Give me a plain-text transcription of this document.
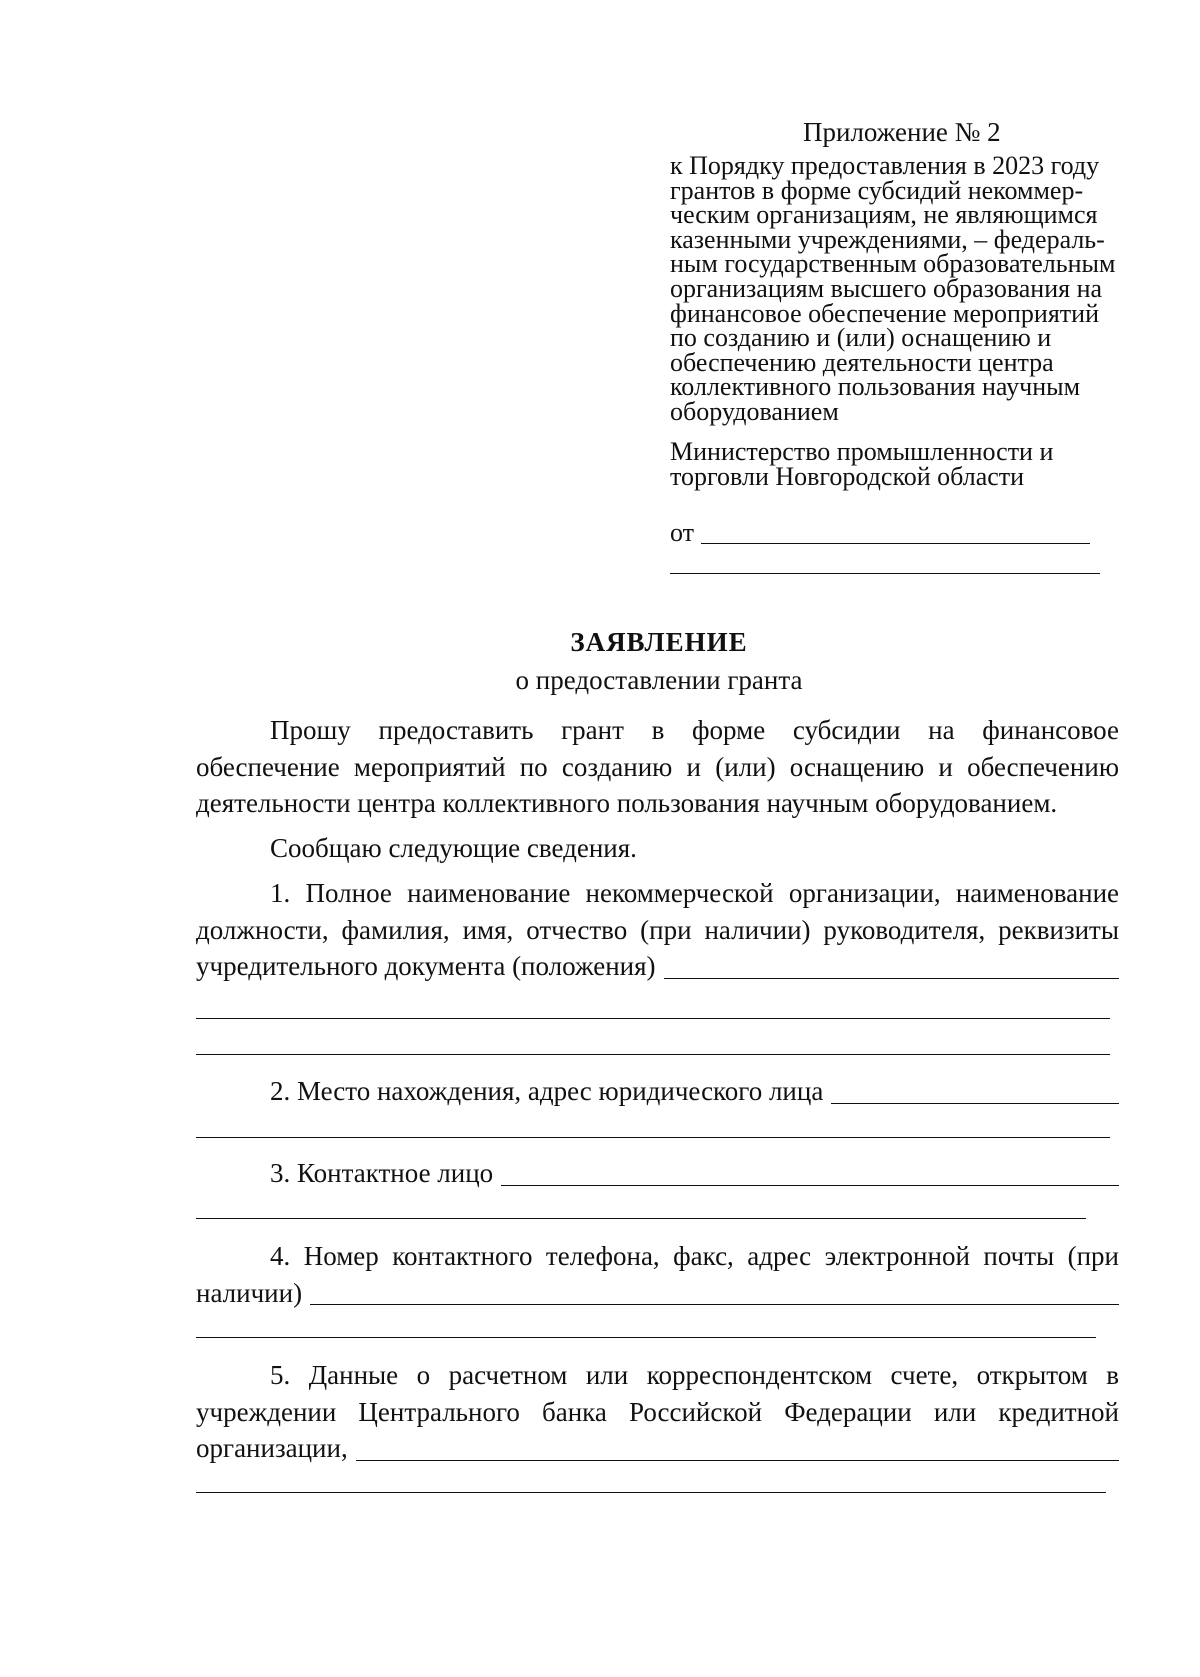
Приложение № 2
к Порядку предоставления в 2023 году
грантов в форме субсидий некоммер-
ческим организациям, не являющимся
казенными учреждениями, – федераль-
ным государственным образовательным
организациям высшего образования на
финансовое обеспечение мероприятий
по созданию и (или) оснащению и
обеспечению деятельности центра
коллективного пользования научным
оборудованием
Министерство промышленности и
торговли Новгородской области
от
ЗАЯВЛЕНИЕ
о предоставлении гранта
Прошу предоставить грант в форме субсидии на финансовое
обеспечение мероприятий по созданию и (или) оснащению и обеспечению
деятельности центра коллективного пользования научным оборудованием.
Сообщаю следующие сведения.
1. Полное наименование некоммерческой организации, наименование
должности, фамилия, имя, отчество (при наличии) руководителя, реквизиты
учредительного документа (положения)
2. Место нахождения, адрес юридического лица
3. Контактное лицо
4. Номер контактного телефона, факс, адрес электронной почты (при
наличии)
5. Данные о расчетном или корреспондентском счете, открытом в
учреждении Центрального банка Российской Федерации или кредитной
организации,
